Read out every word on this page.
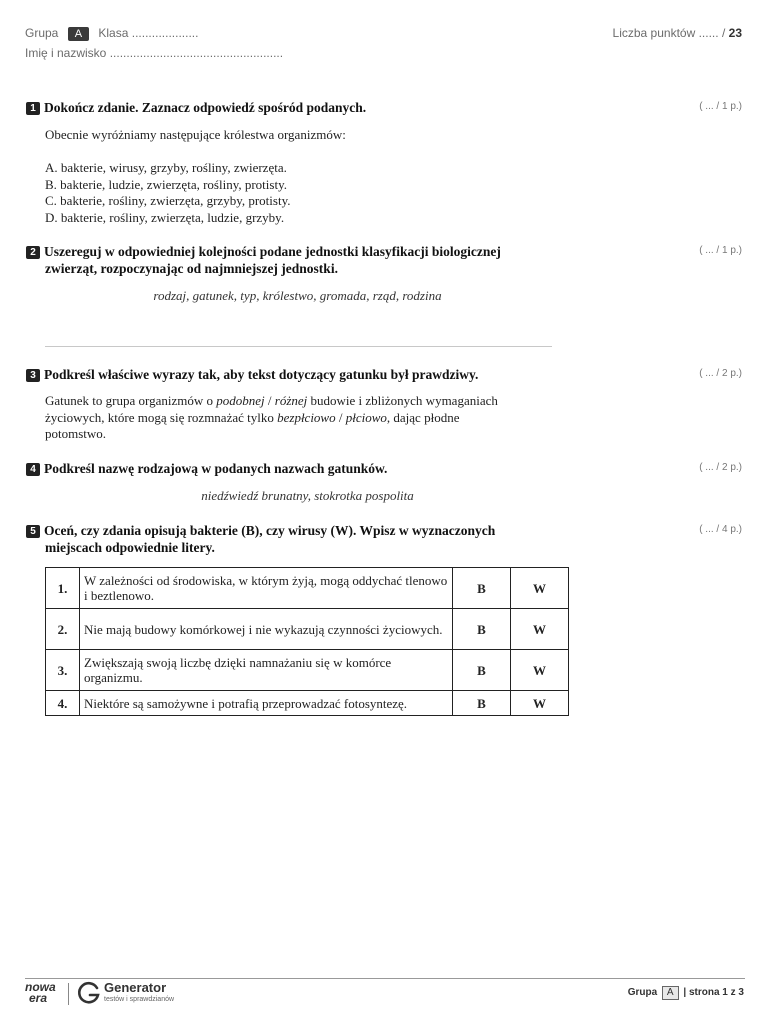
Grupa A Klasa ....................
Imię i nazwisko ....................................................
Liczba punktów ...... / 23
1 Dokończ zdanie. Zaznacz odpowiedź spośród podanych.	( ... / 1 p.)
Obecnie wyróżniamy następujące królestwa organizmów:
A. bakterie, wirusy, grzyby, rośliny, zwierzęta.
B. bakterie, ludzie, zwierzęta, rośliny, protisty.
C. bakterie, rośliny, zwierzęta, grzyby, protisty.
D. bakterie, rośliny, zwierzęta, ludzie, grzyby.
2 Uszereguj w odpowiedniej kolejności podane jednostki klasyfikacji biologicznej
zwierząt, rozpoczynając od najmniejszej jednostki.
( ... / 1 p.)
rodzaj, gatunek, typ, królestwo, gromada, rząd, rodzina
3 Podkreśl właściwe wyrazy tak, aby tekst dotyczący gatunku był prawdziwy.	( ... / 2 p.)
Gatunek to grupa organizmów o podobnej / różnej budowie i zbliżonych wymaganiach
życiowych, które mogą się rozmnażać tylko bezpłciowo / płciowo, dając płodne
potomstwo.
4 Podkreśl nazwę rodzajową w podanych nazwach gatunków.	( ... / 2 p.)
niedźwiedź brunatny, stokrotka pospolita
5 Oceń, czy zdania opisują bakterie (B), czy wirusy (W). Wpisz w wyznaczonych
miejscach odpowiednie litery.
( ... / 4 p.)
1.	W zależności od środowiska, w którym żyją, mogą oddychać tlenowo i beztlenowo.	B	W
2.	Nie mają budowy komórkowej i nie wykazują czynności życiowych.	B	W
3.	Zwiększają swoją liczbę dzięki namnażaniu się w komórce organizmu.	B	W
4.	Niektóre są samożywne i potrafią przeprowadzać fotosyntezę.	B	W
nowa
era
Generator
testów i sprawdzianów
Grupa A | strona 1 z 3
